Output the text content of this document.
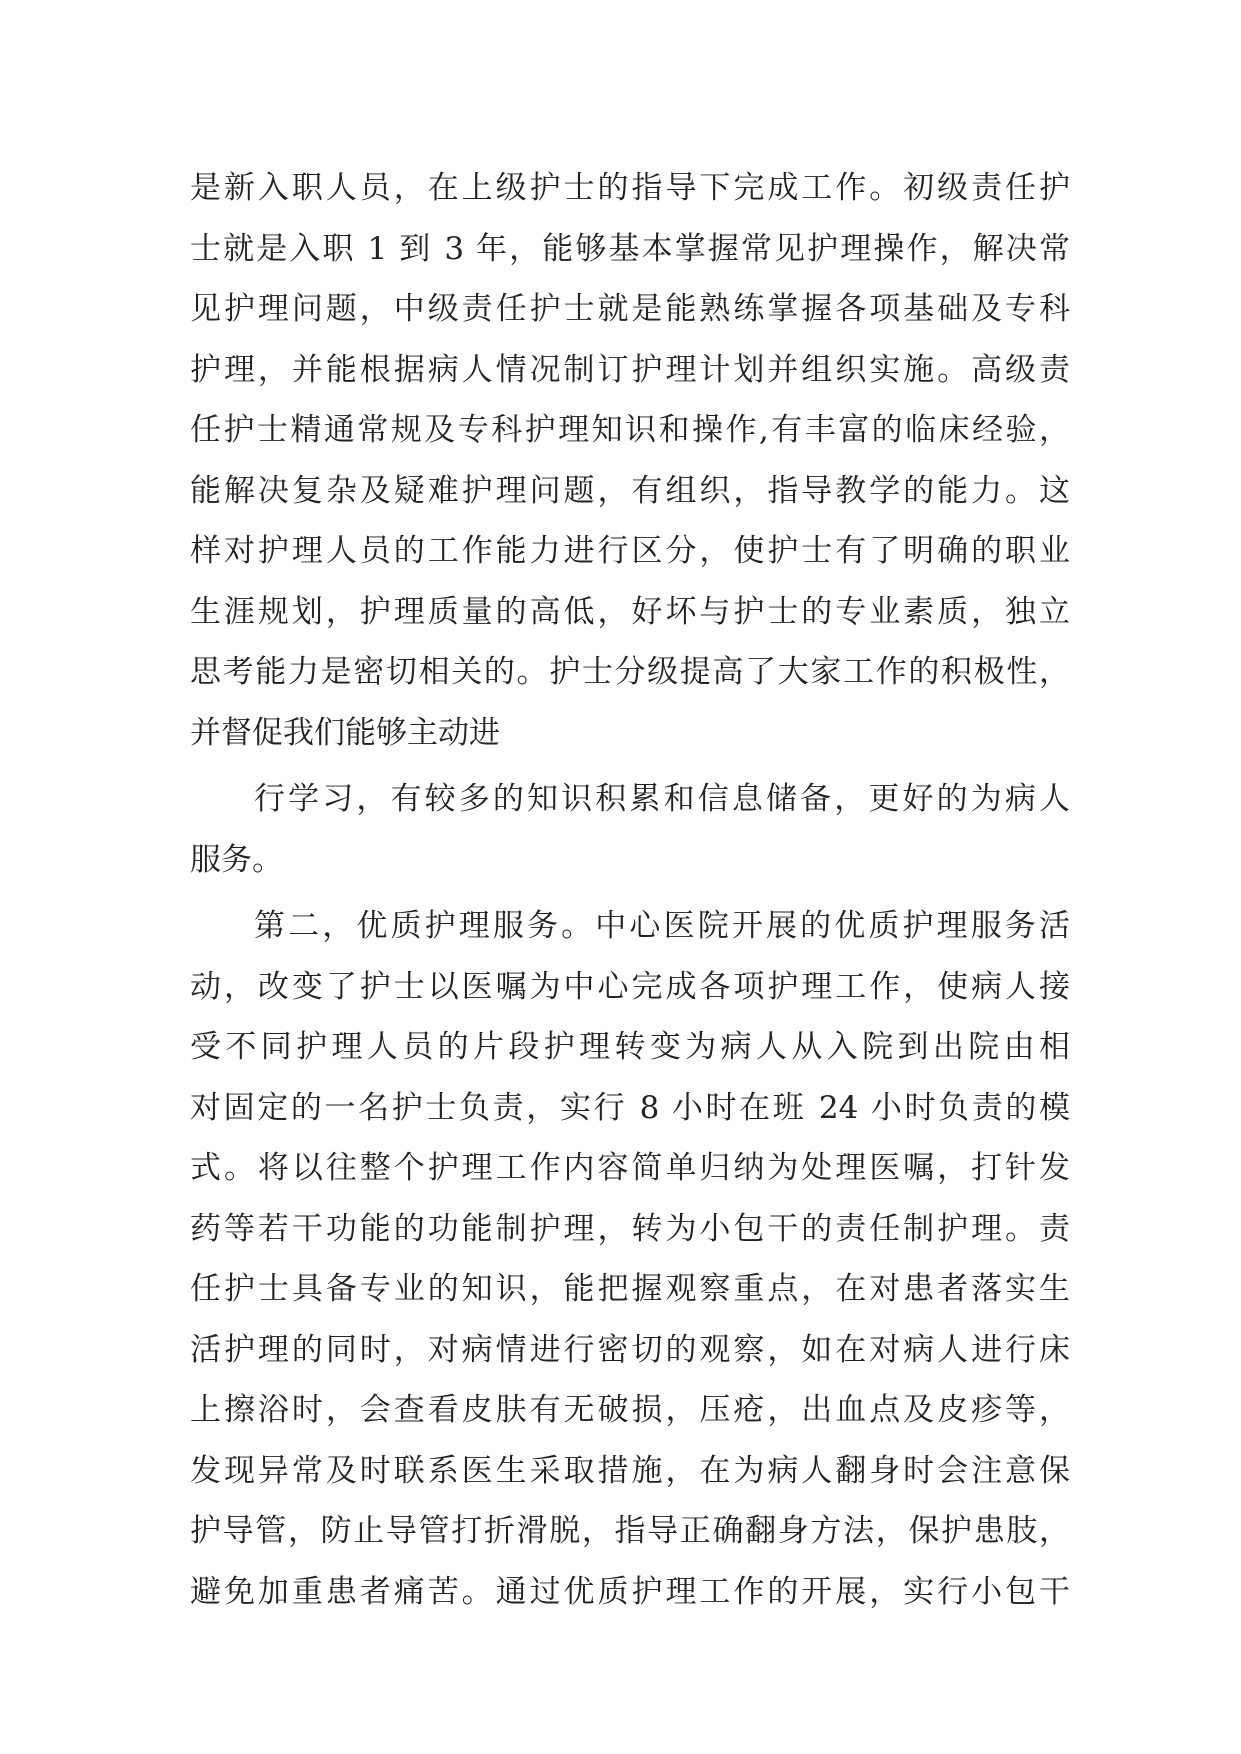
是新入职人员，在上级护士的指导下完成工作。初级责任护
士就是入职 1 到 3 年，能够基本掌握常见护理操作，解决常
见护理问题，中级责任护士就是能熟练掌握各项基础及专科
护理，并能根据病人情况制订护理计划并组织实施。高级责
任护士精通常规及专科护理知识和操作,有丰富的临床经验，
能解决复杂及疑难护理问题，有组织，指导教学的能力。这
样对护理人员的工作能力进行区分，使护士有了明确的职业
生涯规划，护理质量的高低，好坏与护士的专业素质，独立
思考能力是密切相关的。护士分级提高了大家工作的积极性，
并督促我们能够主动进
行学习，有较多的知识积累和信息储备，更好的为病人
服务。
第二，优质护理服务。中心医院开展的优质护理服务活
动，改变了护士以医嘱为中心完成各项护理工作，使病人接
受不同护理人员的片段护理转变为病人从入院到出院由相
对固定的一名护士负责，实行 8 小时在班 24 小时负责的模
式。将以往整个护理工作内容简单归纳为处理医嘱，打针发
药等若干功能的功能制护理，转为小包干的责任制护理。责
任护士具备专业的知识，能把握观察重点，在对患者落实生
活护理的同时，对病情进行密切的观察，如在对病人进行床
上擦浴时，会查看皮肤有无破损，压疮，出血点及皮疹等，
发现异常及时联系医生采取措施，在为病人翻身时会注意保
护导管，防止导管打折滑脱，指导正确翻身方法，保护患肢，
避免加重患者痛苦。通过优质护理工作的开展，实行小包干
